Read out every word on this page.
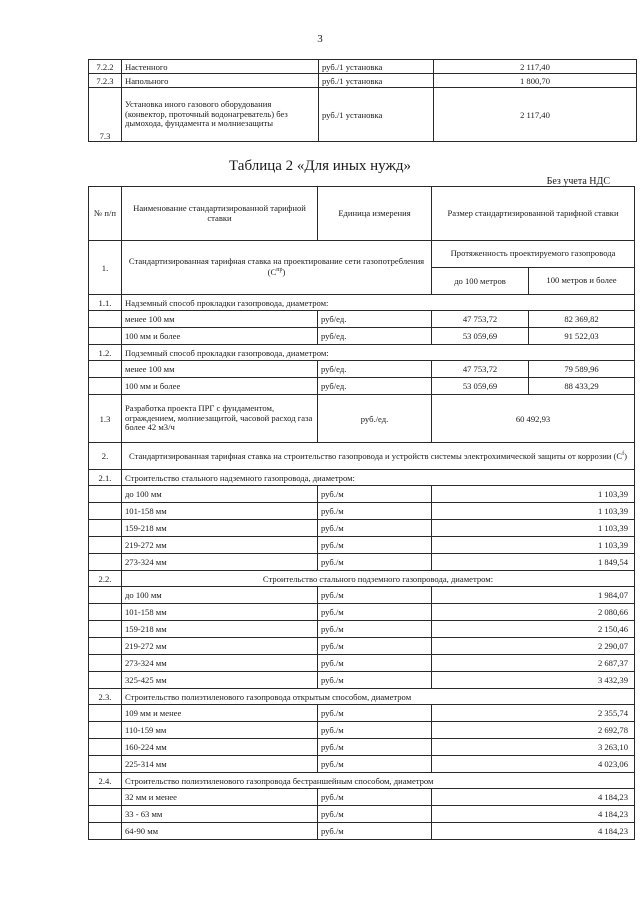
3
7.2.2	Настенного	руб./1 установка	2 117,40
7.2.3	Напольного	руб./1 установка	1 800,70
7.3	Установка иного газового оборудования (конвектор, проточный водонагреватель) без дымохода, фундамента и молниезащиты	руб./1 установка	2 117,40
Таблица 2 «Для иных нужд»
Без учета НДС
№ п/п	Наименование стандартизированной тарифной ставки	Единица измерения	Размер стандартизированной тарифной ставки	
1.	Стандартизированная тарифная ставка на проектирование сети газопотребления $(C^{пр})$		Протяженность проектируемого газопровода	
			до 100 метров	100 метров и более
1.1.	Надземный способ прокладки газопровода, диаметром:			
	менее 100 мм	руб/ед.	47 753,72	82 369,82
	100 мм и более	руб/ед.	53 059,69	91 522,03
1.2.	Подземный способ прокладки газопровода, диаметром:			
	менее 100 мм	руб/ед.	47 753,72	79 589,96
	100 мм и более	руб/ед.	53 059,69	88 433,29
1.3	Разработка проекта ПРГ с фундаментом, ограждением, молниезащитой, часовой расход газа более 42 м3/ч	руб./ед.	60 492,93	
2.	Стандартизированная тарифная ставка на строительство газопровода и устройств системы электрохимической защиты от коррозии $(C^f)$			
2.1.	Строительство стального надземного газопровода, диаметром:			
	до 100 мм	руб./м	1 103,39	
	101-158 мм	руб./м	1 103,39	
	159-218 мм	руб./м	1 103,39	
	219-272 мм	руб./м	1 103,39	
	273-324 мм	руб./м	1 849,54	
2.2.	Строительство стального подземного газопровода, диаметром:			
	до 100 мм	руб./м	1 984,07	
	101-158 мм	руб./м	2 080,66	
	159-218 мм	руб./м	2 150,46	
	219-272 мм	руб./м	2 290,07	
	273-324 мм	руб./м	2 687,37	
	325-425 мм	руб./м	3 432,39	
2.3.	Строительство полиэтиленового газопровода открытым способом, диаметром			
	109 мм и менее	руб./м	2 355,74	
	110-159 мм	руб./м	2 692,78	
	160-224 мм	руб./м	3 263,10	
	225-314 мм	руб./м	4 023,06	
2.4.	Строительство полиэтиленового газопровода бестраншейным способом, диаметром			
	32 мм и менее	руб./м	4 184,23	
	33 - 63 мм	руб./м	4 184,23	
	64-90 мм	руб./м	4 184,23	
